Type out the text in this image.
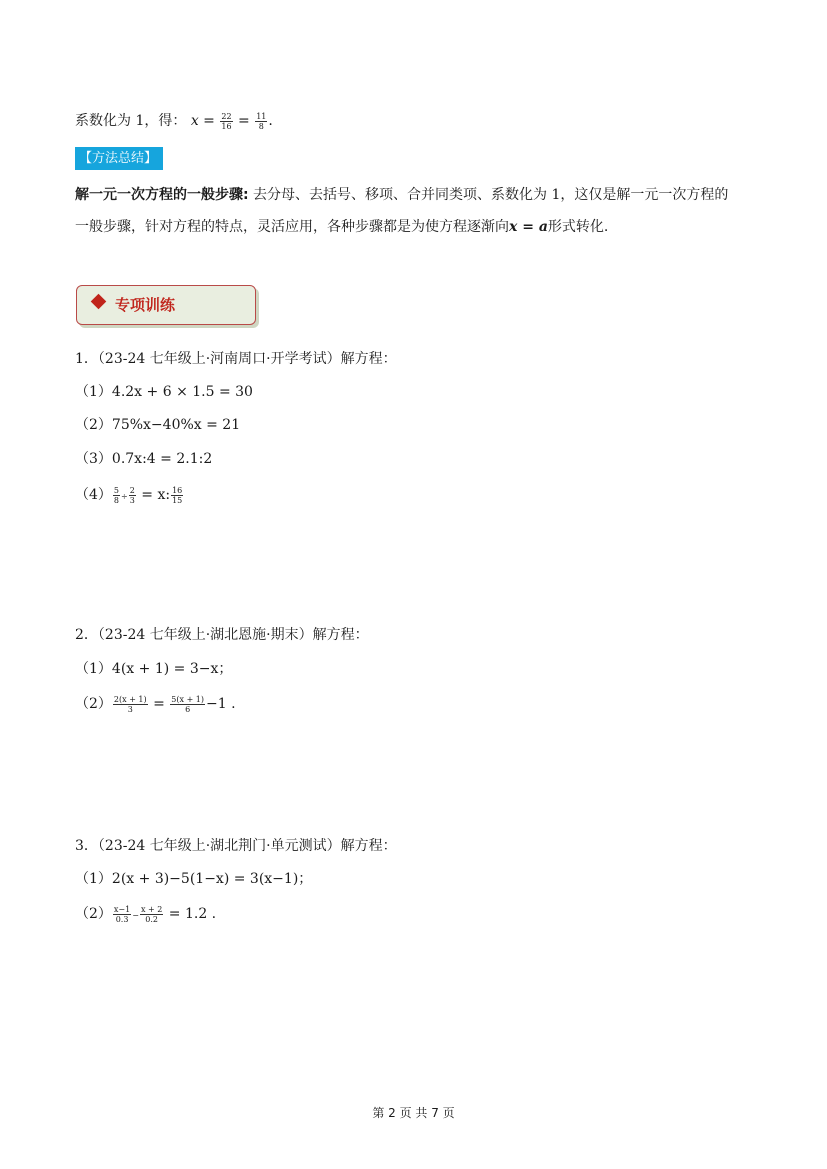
系数化为 1，得： $x = \frac{22}{16} = \frac{11}{8}$ .
【方法总结】
解一元一次方程的一般步骤: 去分母、去括号、移项、合并同类项、系数化为 1，这仅是解一元一次方程的
一般步骤，针对方程的特点，灵活应用，各种步骤都是为使方程逐渐向x = a形式转化.
专项训练
1．（23-24 七年级上·河南周口·开学考试）解方程：
（1）4.2x + 6 × 1.5 = 30
（2）75%x−40%x = 21
（3）0.7x:4 = 2.1:2
$(4) \frac{5}{8} \div \frac{2}{3} = x$: $\frac{16}{15}$
2．（23-24 七年级上·湖北恩施·期末）解方程：
（1）4(x + 1) = 3−x；
$(2) \frac{2(x + 1)}{3} = \frac{5(x + 1)}{6} -1$ .
3．（23-24 七年级上·湖北荆门·单元测试）解方程：
（1）2(x + 3)−5(1−x) = 3(x−1)；
$(2) \frac{x-1}{0.3} - \frac{x + 2}{0.2} = 1.2$ .
第 2 页 共 7 页
